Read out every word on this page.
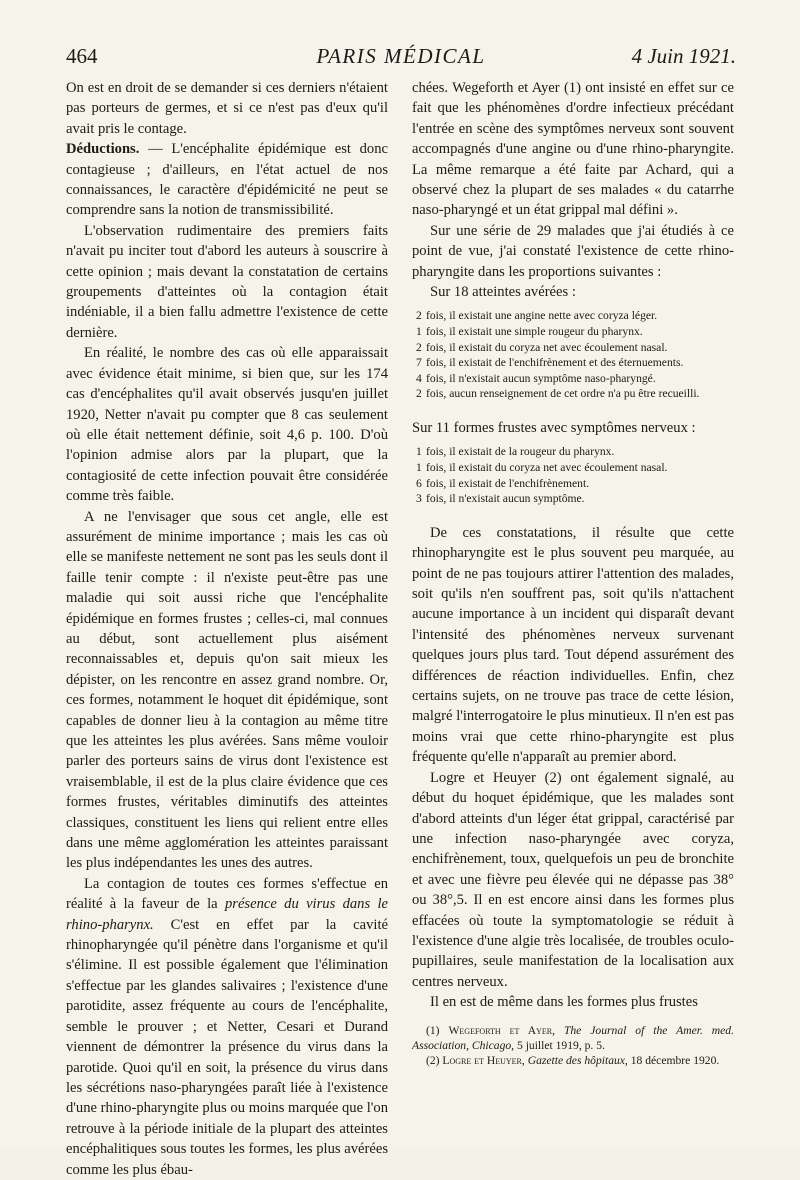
464	PARIS MÉDICAL	4 Juin 1921.

On est en droit de se demander si ces derniers n'étaient pas porteurs de germes, et si ce n'est pas d'eux qu'il avait pris le contage.

Déductions. — L'encéphalite épidémique est donc contagieuse ; d'ailleurs, en l'état actuel de nos connaissances, le caractère d'épidémicité ne peut se comprendre sans la notion de transmissibilité.

L'observation rudimentaire des premiers faits n'avait pu inciter tout d'abord les auteurs à souscrire à cette opinion ; mais devant la constatation de certains groupements d'atteintes où la contagion était indéniable, il a bien fallu admettre l'existence de cette dernière.

En réalité, le nombre des cas où elle apparaissait avec évidence était minime, si bien que, sur les 174 cas d'encéphalites qu'il avait observés jusqu'en juillet 1920, Netter n'avait pu compter que 8 cas seulement où elle était nettement définie, soit 4,6 p. 100. D'où l'opinion admise alors par la plupart, que la contagiosité de cette infection pouvait être considérée comme très faible.

A ne l'envisager que sous cet angle, elle est assurément de minime importance ; mais les cas où elle se manifeste nettement ne sont pas les seuls dont il faille tenir compte : il n'existe peut-être pas une maladie qui soit aussi riche que l'encéphalite épidémique en formes frustes ; celles-ci, mal connues au début, sont actuellement plus aisément reconnaissables et, depuis qu'on sait mieux les dépister, on les rencontre en assez grand nombre. Or, ces formes, notamment le hoquet dit épidémique, sont capables de donner lieu à la contagion au même titre que les atteintes les plus avérées. Sans même vouloir parler des porteurs sains de virus dont l'existence est vraisemblable, il est de la plus claire évidence que ces formes frustes, véritables diminutifs des atteintes classiques, constituent les liens qui relient entre elles dans une même agglomération les atteintes paraissant les plus indépendantes les unes des autres.

La contagion de toutes ces formes s'effectue en réalité à la faveur de la présence du virus dans le rhino-pharynx. C'est en effet par la cavité rhinopharyngée qu'il pénètre dans l'organisme et qu'il s'élimine. Il est possible également que l'élimination s'effectue par les glandes salivaires ; l'existence d'une parotidite, assez fréquente au cours de l'encéphalite, semble le prouver ; et Netter, Cesari et Durand viennent de démontrer la présence du virus dans la parotide. Quoi qu'il en soit, la présence du virus dans les sécrétions naso-pharyngées paraît liée à l'existence d'une rhino-pharyngite plus ou moins marquée que l'on retrouve à la période initiale de la plupart des atteintes encéphalitiques sous toutes les formes, les plus avérées comme les plus ébau-

chées. Wegeforth et Ayer (1) ont insisté en effet sur ce fait que les phénomènes d'ordre infectieux précédant l'entrée en scène des symptômes nerveux sont souvent accompagnés d'une angine ou d'une rhino-pharyngite. La même remarque a été faite par Achard, qui a observé chez la plupart de ses malades « du catarrhe naso-pharyngé et un état grippal mal défini ».

Sur une série de 29 malades que j'ai étudiés à ce point de vue, j'ai constaté l'existence de cette rhino-pharyngite dans les proportions suivantes :

Sur 18 atteintes avérées :

2 fois, il existait une angine nette avec coryza léger.

1 fois, il existait une simple rougeur du pharynx.

2 fois, il existait du coryza net avec écoulement nasal.

7 fois, il existait de l'enchifrènement et des éternuements.

4 fois, il n'existait aucun symptôme naso-pharyngé.

2 fois, aucun renseignement de cet ordre n'a pu être recueilli.

Sur 11 formes frustes avec symptômes nerveux :

1 fois, il existait de la rougeur du pharynx.

1 fois, il existait du coryza net avec écoulement nasal.

6 fois, il existait de l'enchifrènement.

3 fois, il n'existait aucun symptôme.

De ces constatations, il résulte que cette rhinopharyngite est le plus souvent peu marquée, au point de ne pas toujours attirer l'attention des malades, soit qu'ils n'en souffrent pas, soit qu'ils n'attachent aucune importance à un incident qui disparaît devant l'intensité des phénomènes nerveux survenant quelques jours plus tard. Tout dépend assurément des différences de réaction individuelles. Enfin, chez certains sujets, on ne trouve pas trace de cette lésion, malgré l'interrogatoire le plus minutieux. Il n'en est pas moins vrai que cette rhino-pharyngite est plus fréquente qu'elle n'apparaît au premier abord.

Logre et Heuyer (2) ont également signalé, au début du hoquet épidémique, que les malades sont d'abord atteints d'un léger état grippal, caractérisé par une infection naso-pharyngée avec coryza, enchifrènement, toux, quelquefois un peu de bronchite et avec une fièvre peu élevée qui ne dépasse pas 38° ou 38°,5. Il en est encore ainsi dans les formes plus effacées où toute la symptomatologie se réduit à l'existence d'une algie très localisée, de troubles oculo-pupillaires, seule manifestation de la localisation aux centres nerveux.

Il en est de même dans les formes plus frustes

(1) Wegeforth et Ayer, The Journal of the Amer. med. Association, Chicago, 5 juillet 1919, p. 5.

(2) Logre et Heuyer, Gazette des hôpitaux, 18 décembre 1920.
